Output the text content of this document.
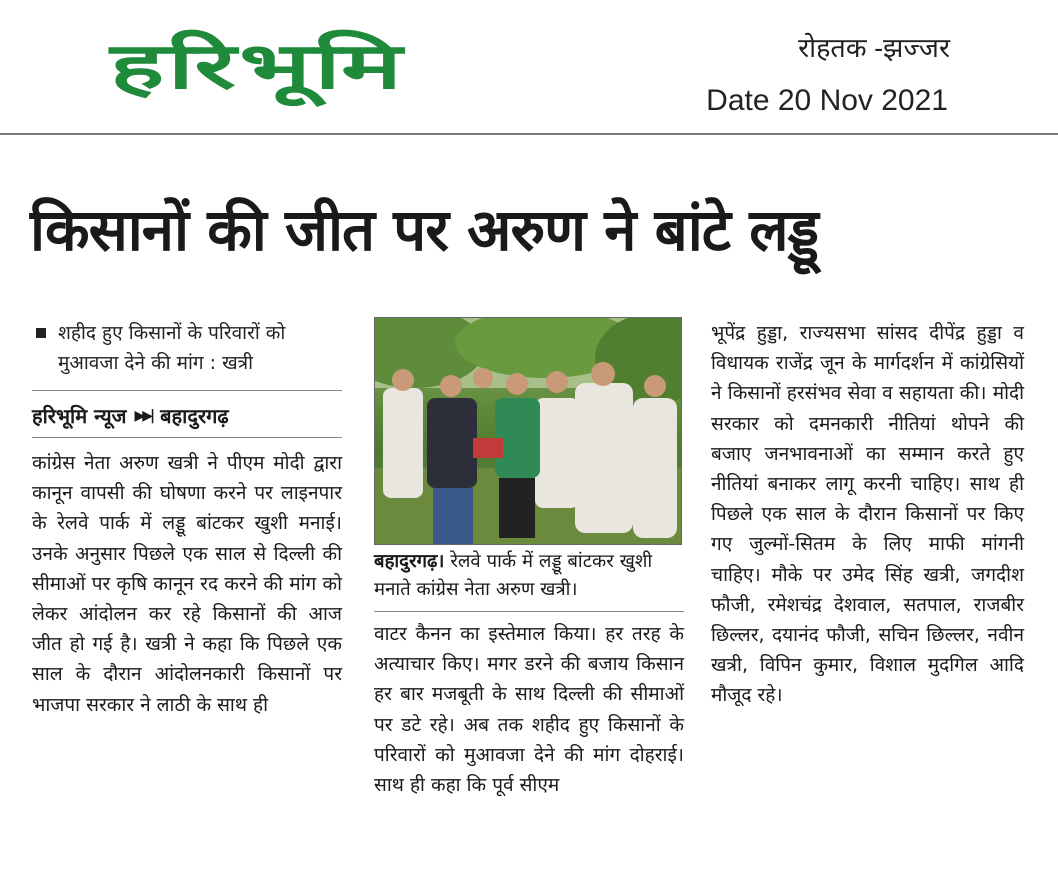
हरिभूमि	रोहतक -झज्जर
Date 20 Nov 2021
किसानों की जीत पर अरुण ने बांटे लड्डू
शहीद हुए किसानों के परिवारों को मुआवजा देने की मांग : खत्री
हरिभूमि न्यूज ▶▶| बहादुरगढ़

कांग्रेस नेता अरुण खत्री ने पीएम मोदी द्वारा कानून वापसी की घोषणा करने पर लाइनपार के रेलवे पार्क में लड्डू बांटकर खुशी मनाई। उनके अनुसार पिछले एक साल से दिल्ली की सीमाओं पर कृषि कानून रद करने की मांग को लेकर आंदोलन कर रहे किसानों की आज जीत हो गई है। खत्री ने कहा कि पिछले एक साल के दौरान आंदोलनकारी किसानों पर भाजपा सरकार ने लाठी के साथ ही

बहादुरगढ़। रेलवे पार्क में लड्डू बांटकर खुशी मनाते कांग्रेस नेता अरुण खत्री।

वाटर कैनन का इस्तेमाल किया। हर तरह के अत्याचार किए। मगर डरने की बजाय किसान हर बार मजबूती के साथ दिल्ली की सीमाओं पर डटे रहे। अब तक शहीद हुए किसानों के परिवारों को मुआवजा देने की मांग दोहराई। साथ ही कहा कि पूर्व सीएम

भूपेंद्र हुड्डा, राज्यसभा सांसद दीपेंद्र हुड्डा व विधायक राजेंद्र जून के मार्गदर्शन में कांग्रेसियों ने किसानों हरसंभव सेवा व सहायता की। मोदी सरकार को दमनकारी नीतियां थोपने की बजाए जनभावनाओं का सम्मान करते हुए नीतियां बनाकर लागू करनी चाहिए। साथ ही पिछले एक साल के दौरान किसानों पर किए गए जुल्मों-सितम के लिए माफी मांगनी चाहिए। मौके पर उमेद सिंह खत्री, जगदीश फौजी, रमेशचंद्र देशवाल, सतपाल, राजबीर छिल्लर, दयानंद फौजी, सचिन छिल्लर, नवीन खत्री, विपिन कुमार, विशाल मुदगिल आदि मौजूद रहे।
